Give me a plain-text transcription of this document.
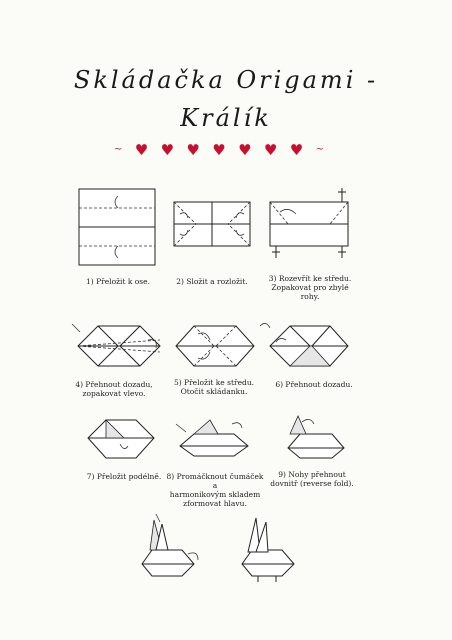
Skládačka Origami -
Králík
∼ ♥ ♥ ♥ ♥ ♥ ♥ ♥ ∼
1) Přeložit k ose.	2) Složit a rozložit.	3) Rozevřít ke středu.
Zopakovat pro zbylé
rohy.
4) Přehnout dozadu,
zopakovat vlevo.
5) Přeložit ke středu.
Otočit skládanku.
6) Přehnout dozadu.
7) Přeložit podélně. 8) Promáčknout čumáček a
harmonikovým skladem
zformovat hlavu.
9) Nohy přehnout
dovnitř (reverse fold).
